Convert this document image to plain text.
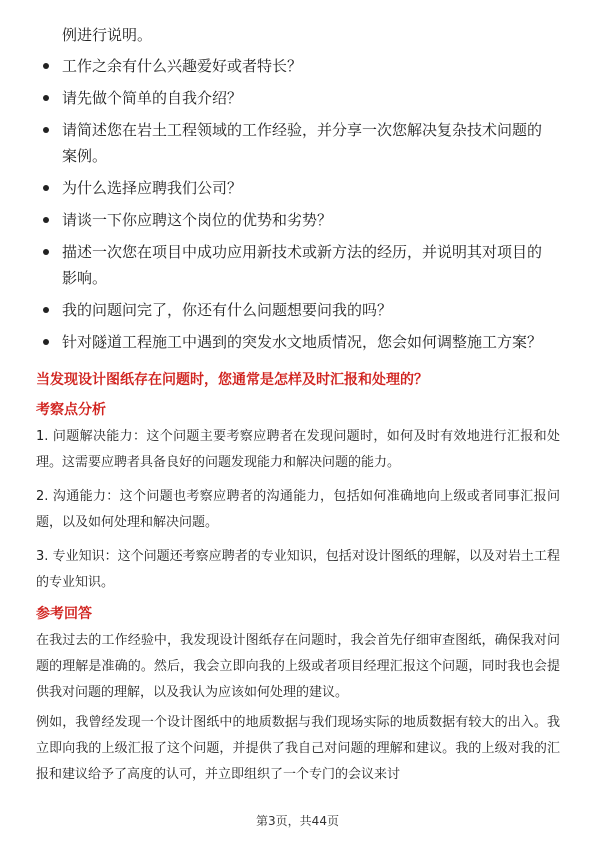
例进行说明。

工作之余有什么兴趣爱好或者特长？
请先做个简单的自我介绍？
请简述您在岩土工程领域的工作经验，并分享一次您解决复杂技术问题的案例。
为什么选择应聘我们公司？
请谈一下你应聘这个岗位的优势和劣势？
描述一次您在项目中成功应用新技术或新方法的经历，并说明其对项目的影响。
我的问题问完了，你还有什么问题想要问我的吗？
针对隧道工程施工中遇到的突发水文地质情况，您会如何调整施工方案？
当发现设计图纸存在问题时，您通常是怎样及时汇报和处理的？
考察点分析
1. 问题解决能力：这个问题主要考察应聘者在发现问题时，如何及时有效地进行汇报和处理。这需要应聘者具备良好的问题发现能力和解决问题的能力。
2. 沟通能力：这个问题也考察应聘者的沟通能力，包括如何准确地向上级或者同事汇报问题，以及如何处理和解决问题。
3. 专业知识：这个问题还考察应聘者的专业知识，包括对设计图纸的理解，以及对岩土工程的专业知识。
参考回答

在我过去的工作经验中，我发现设计图纸存在问题时，我会首先仔细审查图纸，确保我对问题的理解是准确的。然后，我会立即向我的上级或者项目经理汇报这个问题，同时我也会提供我对问题的理解，以及我认为应该如何处理的建议。

例如，我曾经发现一个设计图纸中的地质数据与我们现场实际的地质数据有较大的出入。我立即向我的上级汇报了这个问题，并提供了我自己对问题的理解和建议。我的上级对我的汇报和建议给予了高度的认可，并立即组织了一个专门的会议来讨

第3页，共44页
